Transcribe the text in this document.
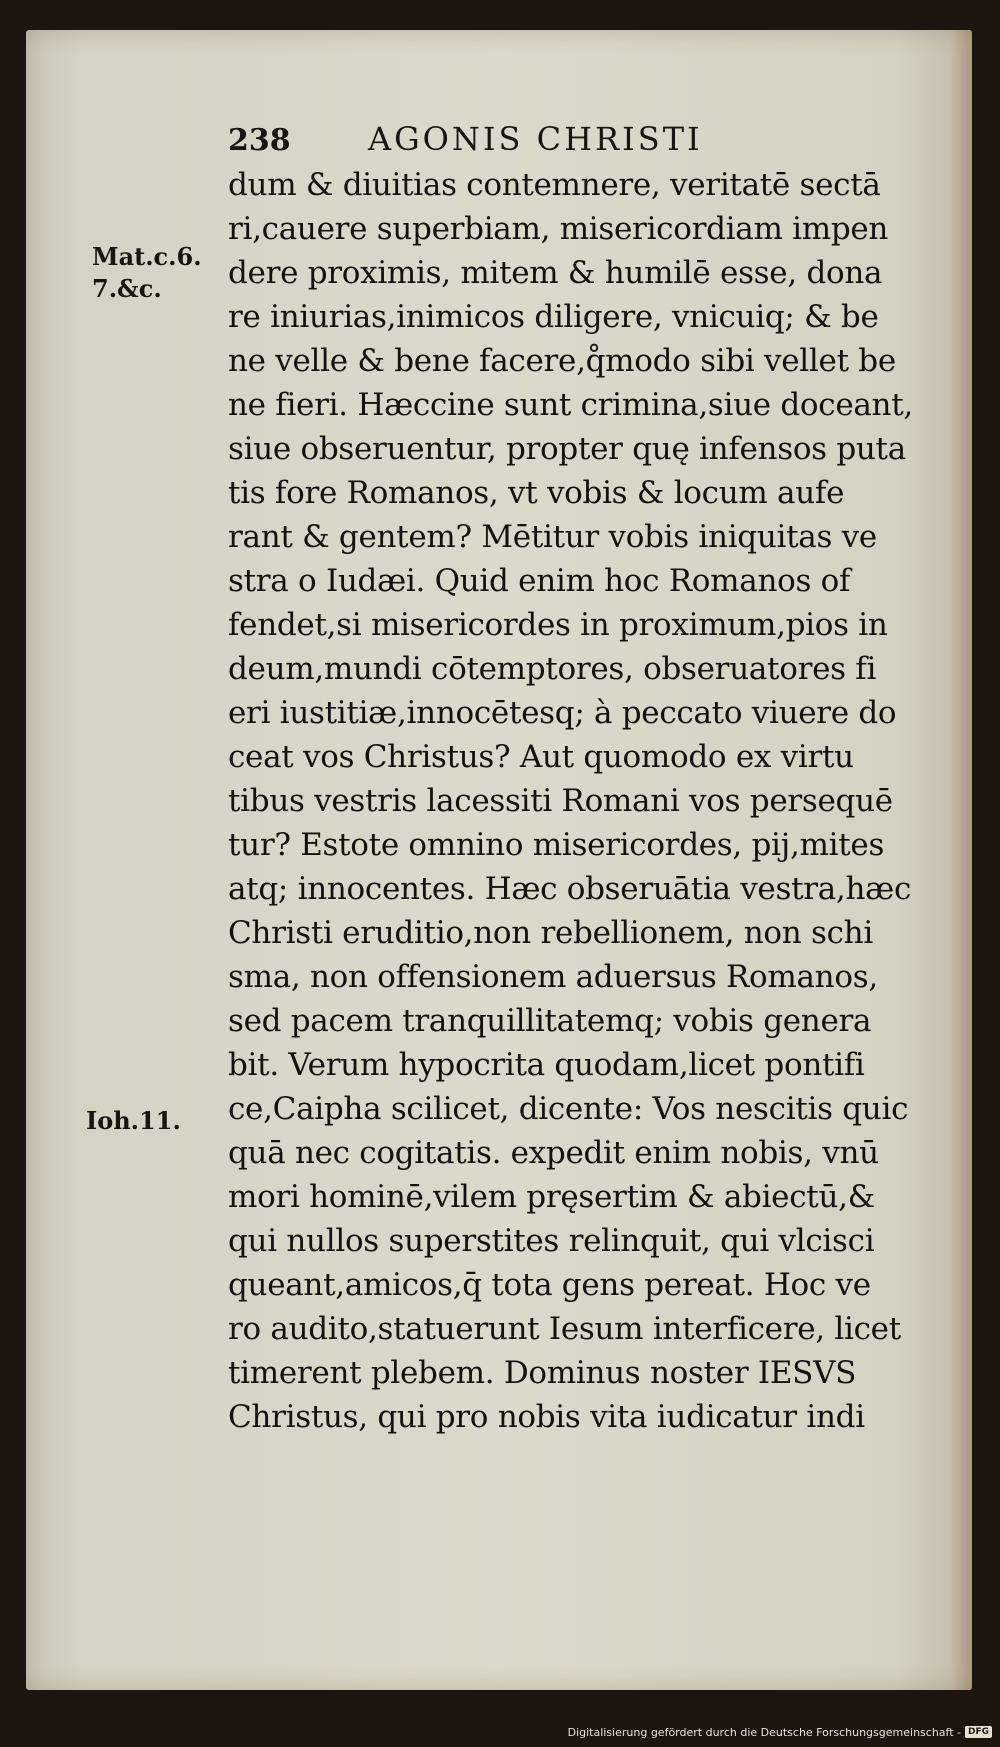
238	AGONIS CHRISTI
Mat.c.6.
7.&c.
Ioh.11.
dum & diuitias contemnere, veritatē sectā
ri,cauere superbiam, misericordiam impen
dere proximis, mitem & humilē esse, dona
re iniurias,inimicos diligere, vnicuiq; & be
ne velle & bene facere,q̊modo sibi vellet be
ne fieri. Hæccine sunt crimina,siue doceant,
siue obseruentur, propter quę infensos puta
tis fore Romanos, vt vobis & locum aufe
rant & gentem? Mētitur vobis iniquitas ve
stra o Iudæi. Quid enim hoc Romanos of
fendet,si misericordes in proximum,pios in
deum,mundi cōtemptores, obseruatores fi
eri iustitiæ,innocētesq; à peccato viuere do
ceat vos Christus? Aut quomodo ex virtu
tibus vestris lacessiti Romani vos persequē
tur? Estote omnino misericordes, pij,mites
atq; innocentes. Hæc obseruātia vestra,hæc
Christi eruditio,non rebellionem, non schi
sma, non offensionem aduersus Romanos,
sed pacem tranquillitatemq; vobis genera
bit. Verum hypocrita quodam,licet pontifi
ce,Caipha scilicet, dicente: Vos nescitis quic
quā nec cogitatis. expedit enim nobis, vnū
mori hominē,vilem pręsertim & abiectū,&
qui nullos superstites relinquit, qui vlcisci
queant,amicos,q̄ tota gens pereat. Hoc ve
ro audito,statuerunt Iesum interficere, licet
timerent plebem. Dominus noster IESVS
Christus, qui pro nobis vita iudicatur indi
Digitalisierung gefördert durch die Deutsche Forschungsgemeinschaft - DFG
